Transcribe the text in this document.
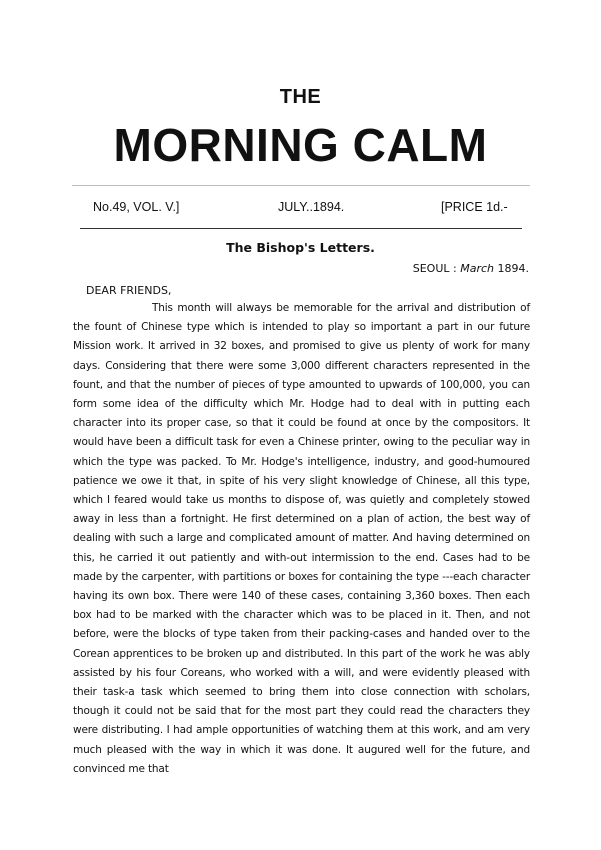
THE
MORNING CALM
No.49, VOL. V.]	JULY..1894.	[PRICE 1d.-
The Bishop's Letters.
SEOUL : March 1894.
DEAR FRIENDS,
This month will always be memorable for the arrival and distribution of the fount of Chinese type which is intended to play so important a part in our future Mission work. It arrived in 32 boxes, and promised to give us plenty of work for many days. Considering that there were some 3,000 different characters represented in the fount, and that the number of pieces of type amounted to upwards of 100,000, you can form some idea of the difficulty which Mr. Hodge had to deal with in putting each character into its proper case, so that it could be found at once by the compositors. It would have been a difficult task for even a Chinese printer, owing to the peculiar way in which the type was packed. To Mr. Hodge's intelligence, industry, and good-humoured patience we owe it that, in spite of his very slight knowledge of Chinese, all this type, which I feared would take us months to dispose of, was quietly and completely stowed away in less than a fortnight. He first determined on a plan of action, the best way of dealing with such a large and complicated amount of matter. And having determined on this, he carried it out patiently and with-out intermission to the end. Cases had to be made by the carpenter, with partitions or boxes for containing the type ---each character having its own box. There were 140 of these cases, containing 3,360 boxes. Then each box had to be marked with the character which was to be placed in it. Then, and not before, were the blocks of type taken from their packing-cases and handed over to the Corean apprentices to be broken up and distributed. In this part of the work he was ably assisted by his four Coreans, who worked with a will, and were evidently pleased with their task-a task which seemed to bring them into close connection with scholars, though it could not be said that for the most part they could read the characters they were distributing. I had ample opportunities of watching them at this work, and am very much pleased with the way in which it was done. It augured well for the future, and convinced me that
